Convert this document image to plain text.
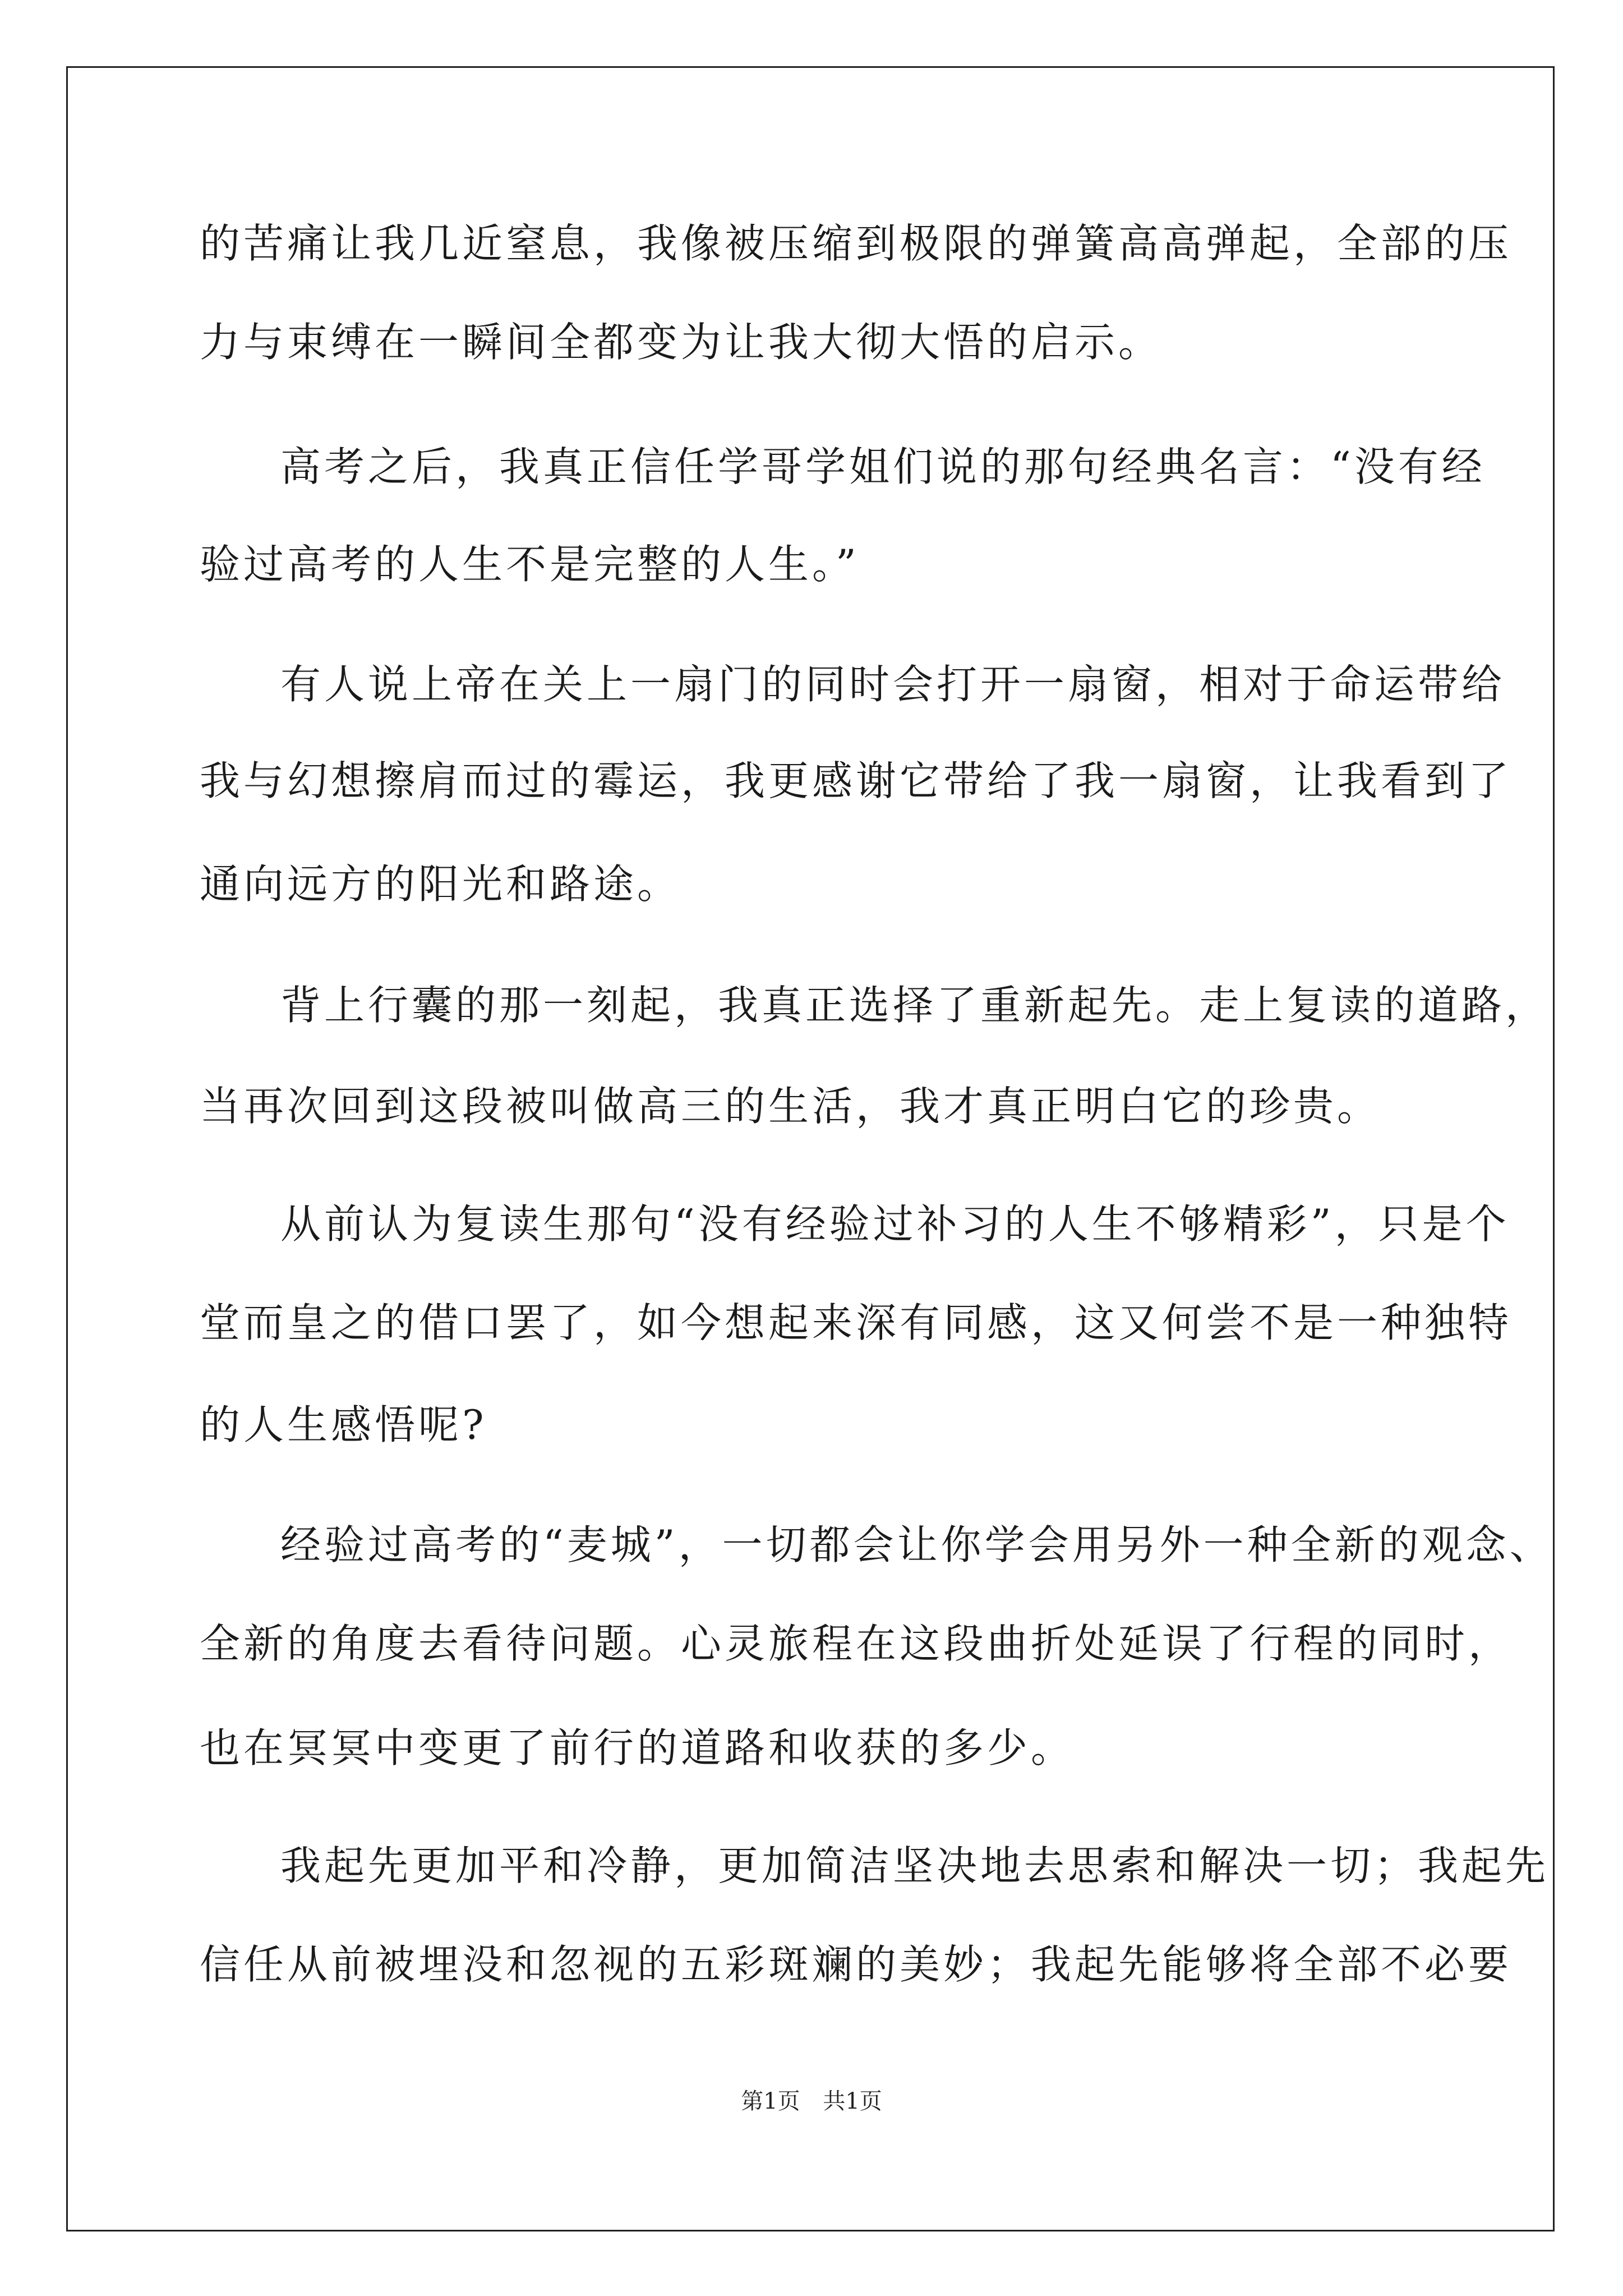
的苦痛让我几近窒息，我像被压缩到极限的弹簧高高弹起，全部的压
力与束缚在一瞬间全都变为让我大彻大悟的启示。
高考之后，我真正信任学哥学姐们说的那句经典名言：“没有经
验过高考的人生不是完整的人生。”
有人说上帝在关上一扇门的同时会打开一扇窗，相对于命运带给
我与幻想擦肩而过的霉运，我更感谢它带给了我一扇窗，让我看到了
通向远方的阳光和路途。
背上行囊的那一刻起，我真正选择了重新起先。走上复读的道路，
当再次回到这段被叫做高三的生活，我才真正明白它的珍贵。
从前认为复读生那句“没有经验过补习的人生不够精彩”，只是个
堂而皇之的借口罢了，如今想起来深有同感，这又何尝不是一种独特
的人生感悟呢?
经验过高考的“麦城”，一切都会让你学会用另外一种全新的观念、
全新的角度去看待问题。心灵旅程在这段曲折处延误了行程的同时，
也在冥冥中变更了前行的道路和收获的多少。
我起先更加平和冷静，更加简洁坚决地去思索和解决一切；我起先
信任从前被埋没和忽视的五彩斑斓的美妙；我起先能够将全部不必要
第1页 共1页
